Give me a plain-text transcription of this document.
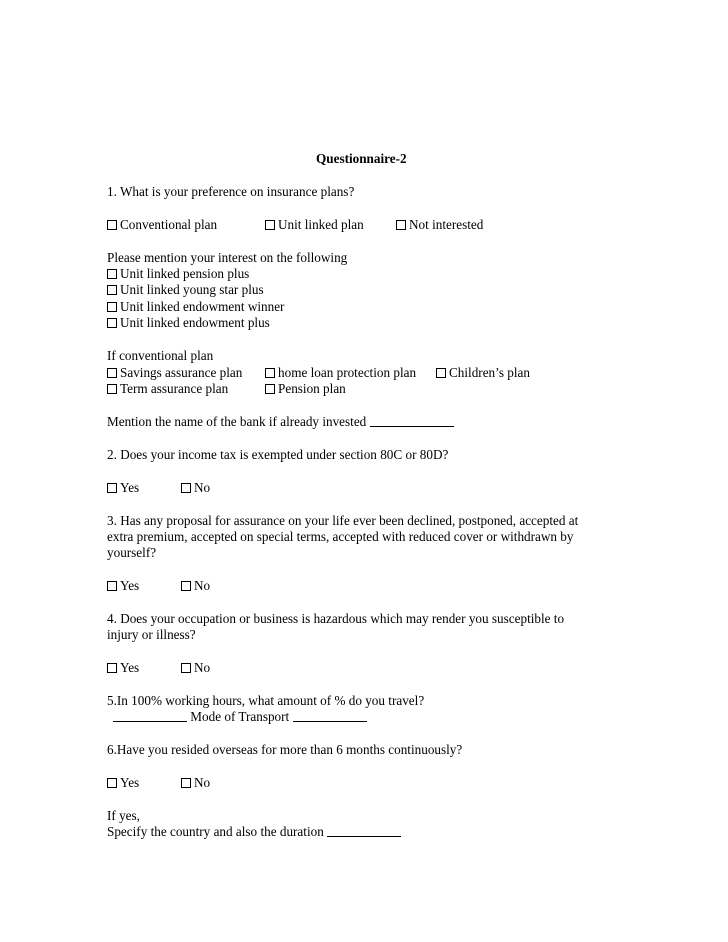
Questionnaire-2
1. What is your preference on insurance plans?
Conventional plan	Unit linked plan	Not interested
Please mention your interest on the following
Unit linked pension plus
Unit linked young star plus
Unit linked endowment winner
Unit linked endowment plus
If conventional plan
Savings assurance plan	home loan protection plan	Children’s plan
Term assurance plan	Pension plan
Mention the name of the bank if already invested
2. Does your income tax is exempted under section 80C or 80D?
Yes	No
3. Has any proposal for assurance on your life ever been declined, postponed, accepted at
extra premium, accepted on special terms, accepted with reduced cover or withdrawn by
yourself?
Yes	No
4. Does your occupation or business is hazardous which may render you susceptible to
injury or illness?
Yes	No
5.In 100% working hours, what amount of % do you travel?
Mode of Transport
6.Have you resided overseas for more than 6 months continuously?
Yes	No
If yes,
Specify the country and also the duration
